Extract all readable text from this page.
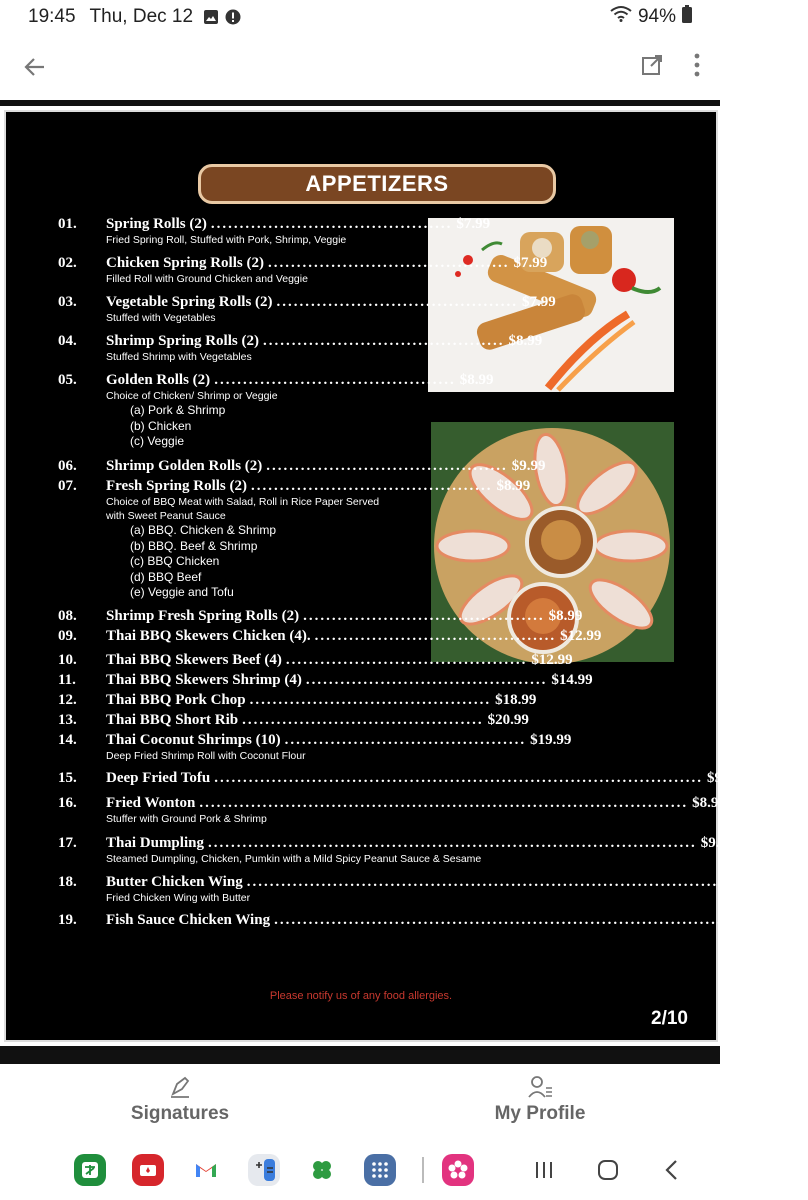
19:45 Thu, Dec 12	94%
APPETIZERS
01.	Spring Rolls (2) .......................................... $7.99
Fried Spring Roll, Stuffed with Pork, Shrimp, Veggie
02.	Chicken Spring Rolls (2) .......................................... $7.99
Filled Roll with Ground Chicken and Veggie
03.	Vegetable Spring Rolls (2) .......................................... $7.99
Stuffed with Vegetables
04.	Shrimp Spring Rolls (2) .......................................... $8.99
Stuffed Shrimp with Vegetables
05.	Golden Rolls (2) .......................................... $8.99
Choice of Chicken/ Shrimp or Veggie
(a) Pork & Shrimp
(b) Chicken
(c) Veggie
06.	Shrimp Golden Rolls (2) .......................................... $9.99
07.	Fresh Spring Rolls (2) .......................................... $8.99
Choice of BBQ Meat with Salad, Roll in Rice Paper Served
with Sweet Peanut Sauce
(a) BBQ. Chicken & Shrimp
(b) BBQ. Beef & Shrimp
(c) BBQ Chicken
(d) BBQ Beef
(e) Veggie and Tofu
08.	Shrimp Fresh Spring Rolls (2) .......................................... $8.99
09.	Thai BBQ Skewers Chicken (4). .......................................... $12.99
10.	Thai BBQ Skewers Beef (4) .......................................... $12.99
11.	Thai BBQ Skewers Shrimp (4) .......................................... $14.99
12.	Thai BBQ Pork Chop .......................................... $18.99
13.	Thai BBQ Short Rib .......................................... $20.99
14.	Thai Coconut Shrimps (10) .......................................... $19.99
Deep Fried Shrimp Roll with Coconut Flour
15.	Deep Fried Tofu ..................................................................................... $9.99
16.	Fried Wonton ..................................................................................... $8.99
Stuffer with Ground Pork & Shrimp
17.	Thai Dumpling ..................................................................................... $9.99
Steamed Dumpling, Chicken, Pumkin with a Mild Spicy Peanut Sauce & Sesame
18.	Butter Chicken Wing ..................................................................................... $13.99
Fried Chicken Wing with Butter
19.	Fish Sauce Chicken Wing ..................................................................................... $13.99
Please notify us of any food allergies.
2/10
Signatures	My Profile
